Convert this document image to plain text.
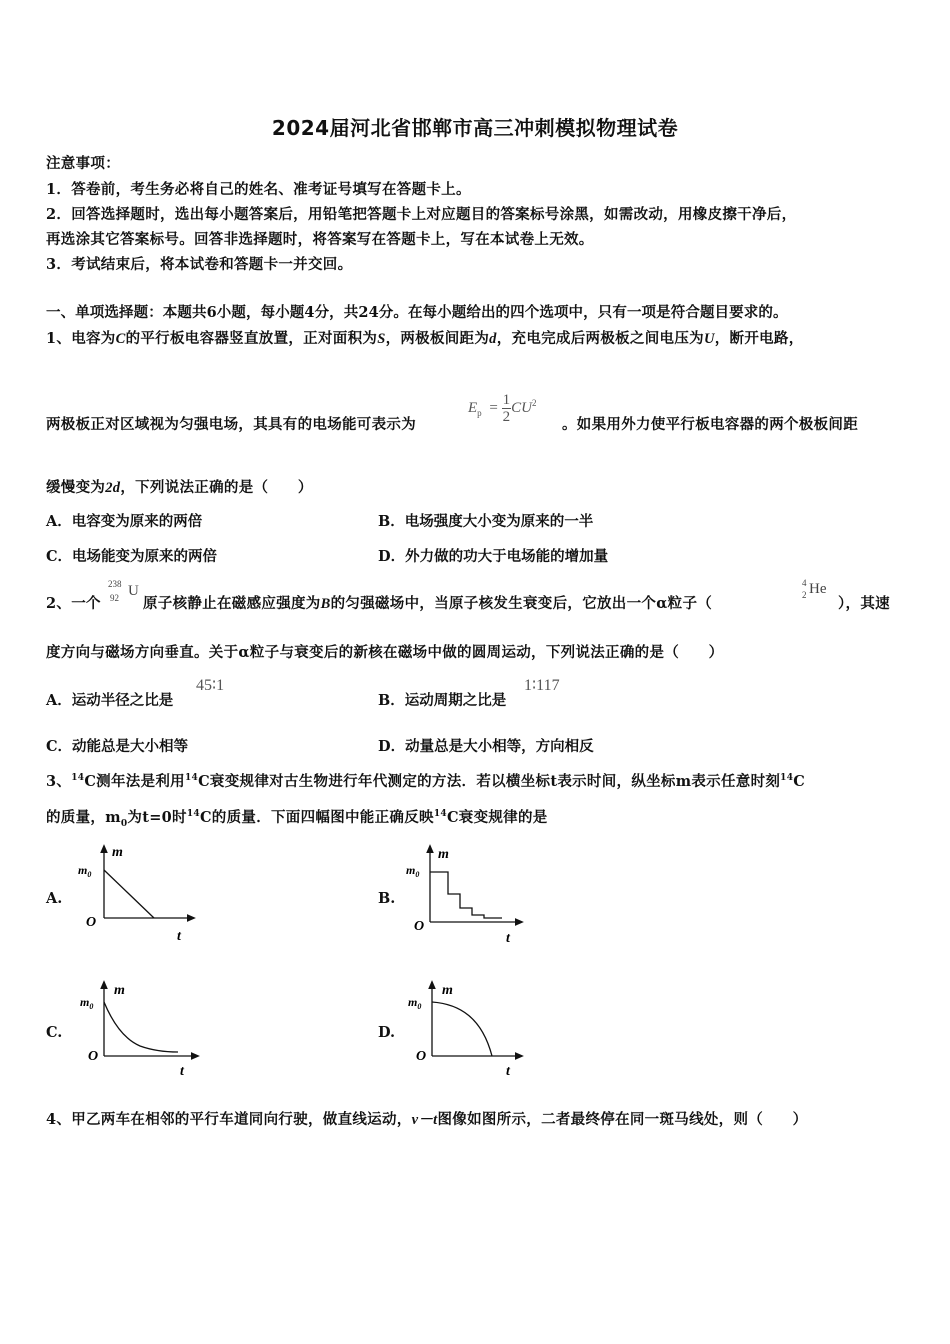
2024届河北省邯郸市高三冲刺模拟物理试卷
注意事项：
1．答卷前，考生务必将自己的姓名、准考证号填写在答题卡上。
2．回答选择题时，选出每小题答案后，用铅笔把答题卡上对应题目的答案标号涂黑，如需改动，用橡皮擦干净后，
再选涂其它答案标号。回答非选择题时，将答案写在答题卡上，写在本试卷上无效。
3．考试结束后，将本试卷和答题卡一并交回。
一、单项选择题：本题共6小题，每小题4分，共24分。在每小题给出的四个选项中，只有一项是符合题目要求的。
1、电容为C的平行板电容器竖直放置，正对面积为S，两极板间距为d，充电完成后两极板之间电压为U，断开电路，
两极板正对区域视为匀强电场，其具有的电场能可表示为
$E_p = \frac{1}{2} CU^2$
。如果用外力使平行板电容器的两个极板间距
缓慢变为2d，下列说法正确的是（　　）
A．电容变为原来的两倍	B．电场强度大小变为原来的一半
C．电场能变为原来的两倍	D．外力做的功大于电场能的增加量
2、一个
238
92 U
原子核静止在磁感应强度为B的匀强磁场中，当原子核发生衰变后，它放出一个α粒子（
4
2 He
），其速
度方向与磁场方向垂直。关于α粒子与衰变后的新核在磁场中做的圆周运动，下列说法正确的是（　　）
A．运动半径之比是
45∶1
B．运动周期之比是
1∶117
C．动能总是大小相等	D．动量总是大小相等，方向相反
3、$^{14}$C测年法是利用$^{14}$C衰变规律对古生物进行年代测定的方法．若以横坐标t表示时间，纵坐标m表示任意时刻$^{14}$C
的质量，$m_0$为t=0时$^{14}$C的质量．下面四幅图中能正确反映$^{14}$C衰变规律的是
A.	B.
C.	D.
m
$m_0$
O
t
m
$m_0$
O
t
m
$m_0$
O
t
m
$m_0$
O
t
4、甲乙两车在相邻的平行车道同向行驶，做直线运动，v－t图像如图所示，二者最终停在同一斑马线处，则（　　）
